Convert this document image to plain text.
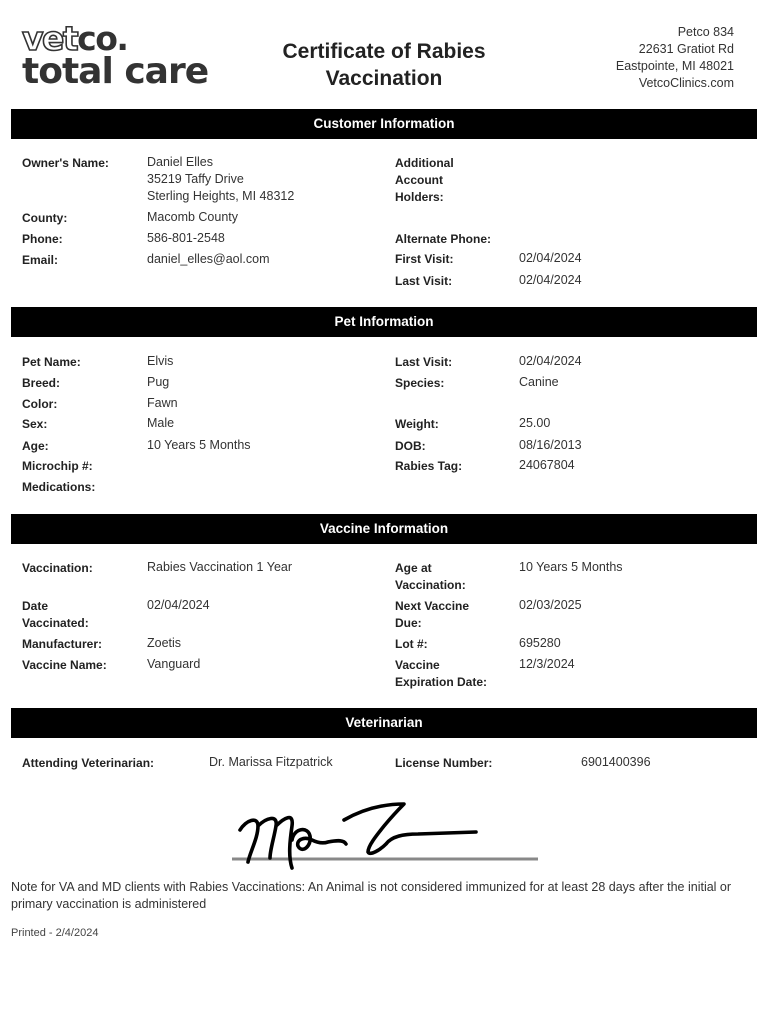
vetco.
total care	Certificate of Rabies
Vaccination
Petco 834
22631 Gratiot Rd
Eastpointe, MI 48021
VetcoClinics.com
Customer Information
Owner's Name:	Daniel Elles
35219 Taffy Drive
Sterling Heights, MI 48312
County:	Macomb County
Phone:	586-801-2548
Email:	daniel_elles@aol.com
Additional
Account
Holders:
Alternate Phone:
First Visit:	02/04/2024
Last Visit:	02/04/2024
Pet Information
Pet Name:	Elvis
Breed:	Pug
Color:	Fawn
Sex:	Male
Age:	10 Years 5 Months
Microchip #:
Medications:
Last Visit:	02/04/2024
Species:	Canine
Weight:	25.00
DOB:	08/16/2013
Rabies Tag:	24067804
Vaccine Information
Vaccination:	Rabies Vaccination 1 Year
Date
Vaccinated:
02/04/2024
Manufacturer:	Zoetis
Vaccine Name:	Vanguard
Age at
Vaccination:
10 Years 5 Months
Next Vaccine
Due:
02/03/2025
Lot #:	695280
Vaccine
Expiration Date:
12/3/2024
Veterinarian
Attending Veterinarian:	Dr. Marissa Fitzpatrick	License Number:	6901400396
Note for VA and MD clients with Rabies Vaccinations: An Animal is not considered immunized for at least 28 days after the initial or primary vaccination is administered
Printed - 2/4/2024
